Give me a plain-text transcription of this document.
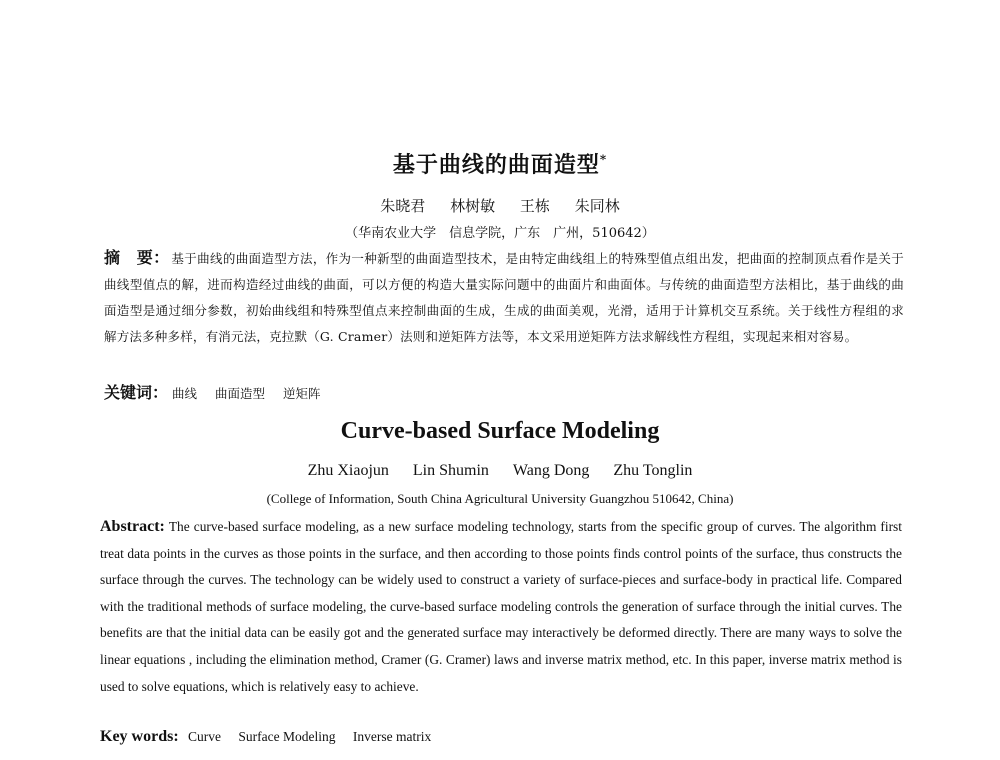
基于曲线的曲面造型*
朱晓君 林树敏 王栋 朱同林
（华南农业大学　信息学院，广东　广州，510642）
摘　要： 基于曲线的曲面造型方法，作为一种新型的曲面造型技术，是由特定曲线组上的特殊型值点组出发，把曲面的控制顶点看作是关于曲线型值点的解，进而构造经过曲线的曲面，可以方便的构造大量实际问题中的曲面片和曲面体。与传统的曲面造型方法相比，基于曲线的曲面造型是通过细分参数，初始曲线组和特殊型值点来控制曲面的生成，生成的曲面美观，光滑，适用于计算机交互系统。关于线性方程组的求解方法多种多样，有消元法，克拉默（G. Cramer）法则和逆矩阵方法等，本文采用逆矩阵方法求解线性方程组，实现起来相对容易。
关键词： 曲线 曲面造型 逆矩阵
Curve-based Surface Modeling
Zhu Xiaojun Lin Shumin Wang Dong Zhu Tonglin
(College of Information, South China Agricultural University Guangzhou 510642, China)
Abstract: The curve-based surface modeling, as a new surface modeling technology, starts from the specific group of curves. The algorithm first treat data points in the curves as those points in the surface, and then according to those points finds control points of the surface, thus constructs the surface through the curves. The technology can be widely used to construct a variety of surface-pieces and surface-body in practical life. Compared with the traditional methods of surface modeling, the curve-based surface modeling controls the generation of surface through the initial curves. The benefits are that the initial data can be easily got and the generated surface may interactively be deformed directly. There are many ways to solve the linear equations , including the elimination method, Cramer (G. Cramer) laws and inverse matrix method, etc. In this paper, inverse matrix method is used to solve equations, which is relatively easy to achieve.
Key words: Curve Surface Modeling Inverse matrix
